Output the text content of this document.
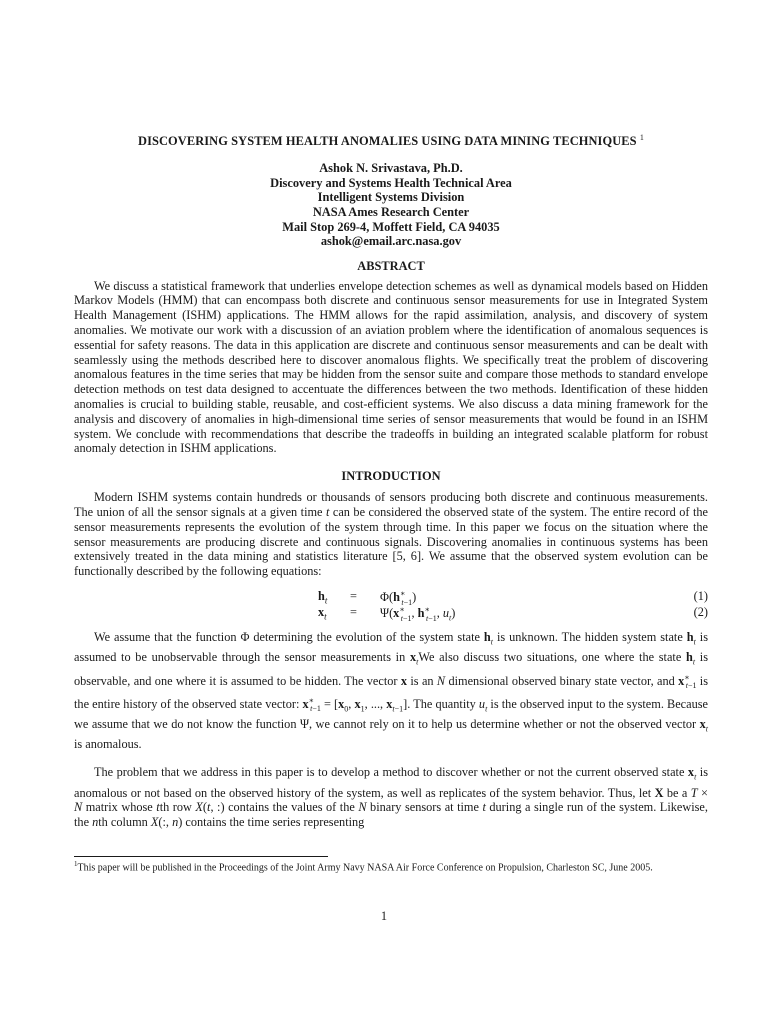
DISCOVERING SYSTEM HEALTH ANOMALIES USING DATA MINING TECHNIQUES $^1$
Ashok N. Srivastava, Ph.D.
Discovery and Systems Health Technical Area
Intelligent Systems Division
NASA Ames Research Center
Mail Stop 269-4, Moffett Field, CA 94035
ashok@email.arc.nasa.gov
ABSTRACT

We discuss a statistical framework that underlies envelope detection schemes as well as dynamical models based on Hidden Markov Models (HMM) that can encompass both discrete and continuous sensor measurements for use in Integrated System Health Management (ISHM) applications. The HMM allows for the rapid assimilation, analysis, and discovery of system anomalies. We motivate our work with a discussion of an aviation problem where the identification of anomalous sequences is essential for safety reasons. The data in this application are discrete and continuous sensor measurements and can be dealt with seamlessly using the methods described here to discover anomalous flights. We specifically treat the problem of discovering anomalous features in the time series that may be hidden from the sensor suite and compare those methods to standard envelope detection methods on test data designed to accentuate the differences between the two methods. Identification of these hidden anomalies is crucial to building stable, reusable, and cost-efficient systems. We also discuss a data mining framework for the analysis and discovery of anomalies in high-dimensional time series of sensor measurements that would be found in an ISHM system. We conclude with recommendations that describe the tradeoffs in building an integrated scalable platform for robust anomaly detection in ISHM applications.

INTRODUCTION

Modern ISHM systems contain hundreds or thousands of sensors producing both discrete and continuous measurements. The union of all the sensor signals at a given time t can be considered the observed state of the system. The entire record of the sensor measurements represents the evolution of the system through time. In this paper we focus on the situation where the sensor measurements are producing discrete and continuous signals. Discovering anomalies in continuous systems has been extensively treated in the data mining and statistics literature [5, 6]. We assume that the observed system evolution can be functionally described by the following equations:

$h_t = \Phi(h^∗_{t-1})$	(1)
$x_t = \Psi(x^∗_{t-1}$, $h^∗_{t-1}$, $u_t$)	(2)

We assume that the function Φ determining the evolution of the system state $h_t$ is unknown. The hidden system state $h_t$ is assumed to be unobservable through the sensor measurements in $x_tWe$ also discuss two situations, one where the state $h_t$ is observable, and one where it is assumed to be hidden. The vector x is an N dimensional observed binary state vector, and $x^∗_{t-1}$ is the entire history of the observed state vector: $x^∗_{t-1} = [x_0$, $x_1$, ..., $x_{t-1}$]. The quantity $u_t$ is the observed input to the system. Because we assume that we do not know the function Ψ, we cannot rely on it to help us determine whether or not the observed vector $x_t$ is anomalous.

The problem that we address in this paper is to develop a method to discover whether or not the current observed state $x_t$ is anomalous or not based on the observed history of the system, as well as replicates of the system behavior. Thus, let X be a T × N matrix whose tth row X(t, :) contains the values of the N binary sensors at time t during a single run of the system. Likewise, the nth column X(:, n) contains the time series representing

$^1$This paper will be published in the Proceedings of the Joint Army Navy NASA Air Force Conference on Propulsion, Charleston SC, June 2005.
1
